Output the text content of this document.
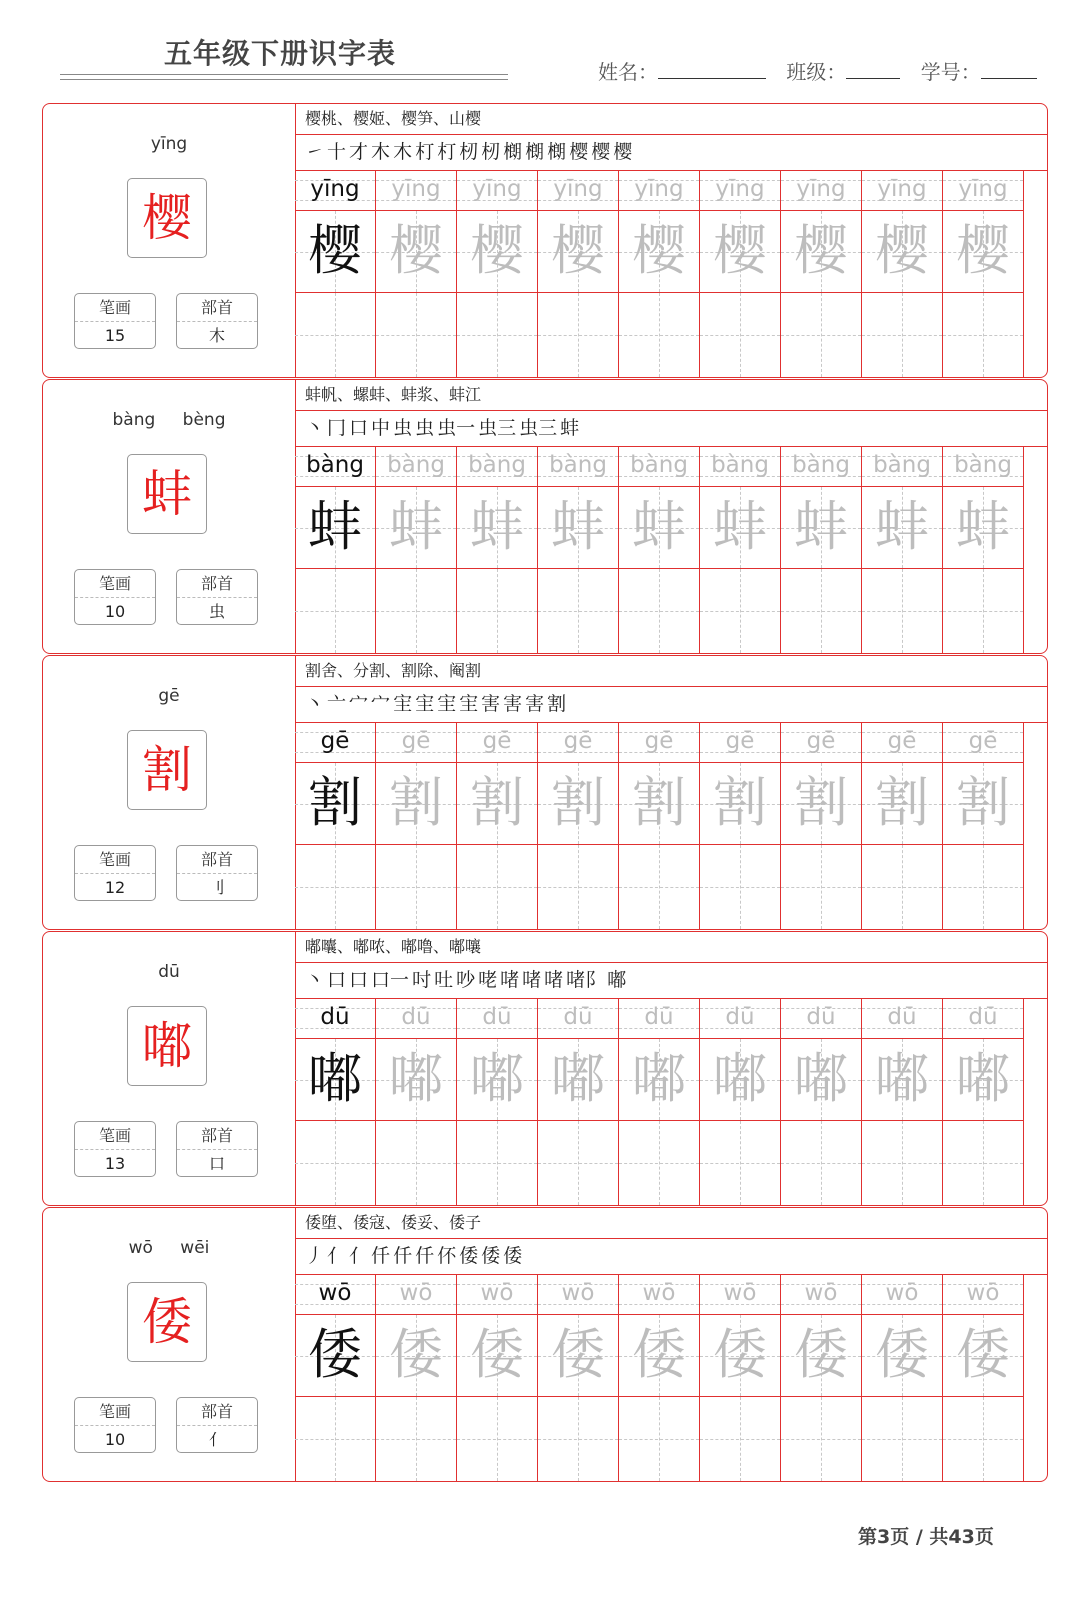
五年级下册识字表
姓名：	班级：	学号：
yīng
樱
笔画
15
部首
木
樱桃、樱姬、樱笋、山樱
㇀ 十 才 木 木 朾 朾 杒 杒 樃 樃 樃 樱 樱 樱
yīng
樱
yīng
樱
yīng
樱
yīng
樱
yīng
樱
yīng
樱
yīng
樱
yīng
樱
yīng
樱
bàng bèng
蚌
笔画
10
部首
虫
蚌帆、螺蚌、蚌浆、蚌江
丶 冂 口 中 虫 虫 虫一 虫三 虫三 蚌
bàng
蚌
bàng
蚌
bàng
蚌
bàng
蚌
bàng
蚌
bàng
蚌
bàng
蚌
bàng
蚌
bàng
蚌
gē
割
笔画
12
部首
刂
割舍、分割、割除、阉割
丶 亠 宀 宀 宔 宔 宔 宔 害 害 害 割
gē
割
gē
割
gē
割
gē
割
gē
割
gē
割
gē
割
gē
割
gē
割
dū
嘟
笔画
13
部首
口
嘟囔、嘟哝、嘟噜、嘟嚷
丶 口 口 口一 吋 吐 吵 咾 啫 啫 啫 啫阝 嘟
dū
嘟
dū
嘟
dū
嘟
dū
嘟
dū
嘟
dū
嘟
dū
嘟
dū
嘟
dū
嘟
wō wēi
倭
笔画
10
部首
亻
倭堕、倭寇、倭妥、倭子
丿 亻 亻 仟 仟 仟 伓 倭 倭 倭
wō
倭
wō
倭
wō
倭
wō
倭
wō
倭
wō
倭
wō
倭
wō
倭
wō
倭
第3页 / 共43页
